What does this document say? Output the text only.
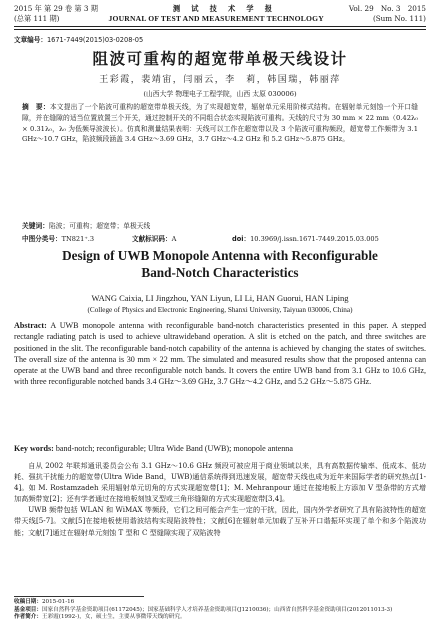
2015 年 第 29 卷 第 3 期	测　试　技　术　学　报	Vol. 29　No. 3　2015
(总第 111 期)	JOURNAL OF TEST AND MEASUREMENT TECHNOLOGY	(Sum No. 111)
文章编号：1671-7449(2015)03-0208-05
阻波可重构的超宽带单极天线设计
王彩霞，裴靖宙，闫丽云，李　莉，韩国瑞，韩丽萍
(山西大学 物理电子工程学院，山西 太原 030006)
摘　要：本文提出了一个陷波可重构的超宽带单极天线，为了实现超宽带，辐射单元采用阶梯式结构。在辐射单元刻蚀一个开口缝隙，并在缝隙的适当位置放置三个开关，通过控制开关的不同组合状态实现陷波可重构。天线的尺寸为 30 mm × 22 mm（0.42λ₀ × 0.31λ₀，λ₀ 为低频导波波长）。仿真和测量结果表明：天线可以工作在超宽带以及 3 个陷波可重构频段，超宽带工作频带为 3.1 GHz～10.7 GHz，陷波频段涵盖 3.4 GHz～3.69 GHz，3.7 GHz～4.2 GHz 和 5.2 GHz～5.875 GHz。
关键词：陷波；可重构；超宽带；单极天线
中图分类号：TN821⁺.3	文献标识码：A	doi：10.3969/j.issn.1671-7449.2015.03.005
Design of UWB Monopole Antenna with Reconfigurable
Band-Notch Characteristics
WANG Caixia, LI Jingzhou, YAN Liyun, LI Li, HAN Guorui, HAN Liping
(College of Physics and Electronic Engineering, Shanxi University, Taiyuan 030006, China)
Abstract: A UWB monopole antenna with reconfigurable band-notch characteristics presented in this paper. A stepped rectangle radiating patch is used to achieve ultrawideband operation. A slit is etched on the patch, and three switches are positioned in the slit. The reconfigurable band-notch capability of the antenna is achieved by changing the states of switches. The overall size of the antenna is 30 mm × 22 mm. The simulated and measured results show that the proposed antenna can operate at the UWB band and three reconfigurable notch bands. It covers the entire UWB band from 3.1 GHz to 10.6 GHz, with three reconfigurable notched bands 3.4 GHz～3.69 GHz, 3.7 GHz～4.2 GHz, and 5.2 GHz～5.875 GHz.
Key words: band-notch; reconfigurable; Ultra Wide Band (UWB); monopole antenna

自从 2002 年联邦通讯委员会公布 3.1 GHz～10.6 GHz 频段可被应用于商业领域以来，具有高数据传输率、低成本、低功耗、强抗干扰能力的超宽带(Ultra Wide Band，UWB)通信系统得到迅速发展，超宽带天线也成为近年来国际学者的研究热点[1-4]。如 M. Rostamzadeh 采用辐射单元切角的方式实现超宽带[1]；M. Mehranpour 通过在接地板上方添加 V 型条带的方式增加高频带宽[2]；还有学者通过在接地板刻蚀叉型或三角形缝隙的方式实现超宽带[3,4]。

UWB 频带包括 WLAN 和 WiMAX 等频段，它们之间可能会产生一定的干扰，因此，国内外学者研究了具有陷波特性的超宽带天线[5-7]。文献[5]在接地板使用谐波结构实现陷波特性；文献[6]在辐射单元加载了互补开口谐振环实现了单个和多个陷波功能；文献[7]通过在辐射单元刻蚀 T 型和 C 型缝隙实现了双陷波特

收稿日期：2015-01-16
基金项目：国家自然科学基金资助项目(61172045)；国家基础科学人才培养基金资助项目(J1210036)；山西省自然科学基金资助项目(2012011013-3)
作者简介：王彩霞(1992-)，女，硕士生，主要从事微带天线的研究。
